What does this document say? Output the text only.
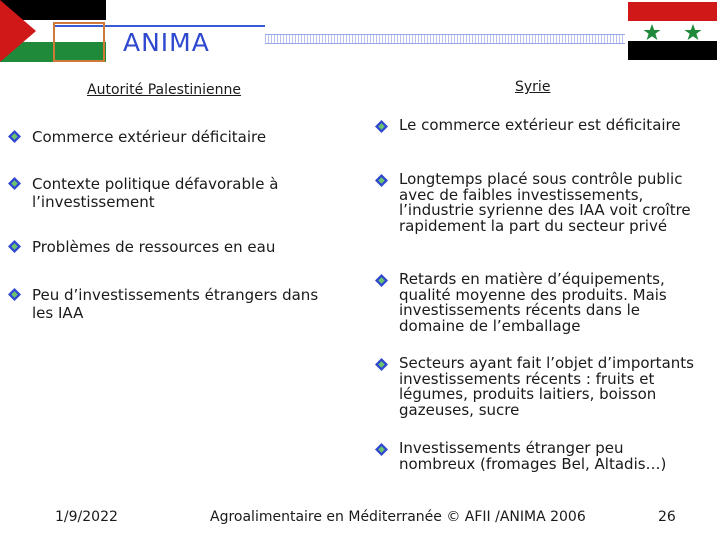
ANIMA
Autorité Palestinienne	Syrie
Commerce extérieur déficitaire
Contexte politique défavorable à l’investissement
Problèmes de ressources en eau
Peu d’investissements étrangers dans les IAA
Le commerce extérieur est déficitaire
Longtemps placé sous contrôle public avec de faibles investissements, l’industrie syrienne des IAA voit croître rapidement la part du secteur privé
Retards en matière d’équipements, qualité moyenne des produits. Mais investissements récents dans le domaine de l’emballage
Secteurs ayant fait l’objet d’importants investissements récents : fruits et légumes, produits laitiers, boisson gazeuses, sucre
Investissements étranger peu nombreux (fromages Bel, Altadis…)
1/9/2022	Agroalimentaire en Méditerranée © AFII /ANIMA 2006	26
